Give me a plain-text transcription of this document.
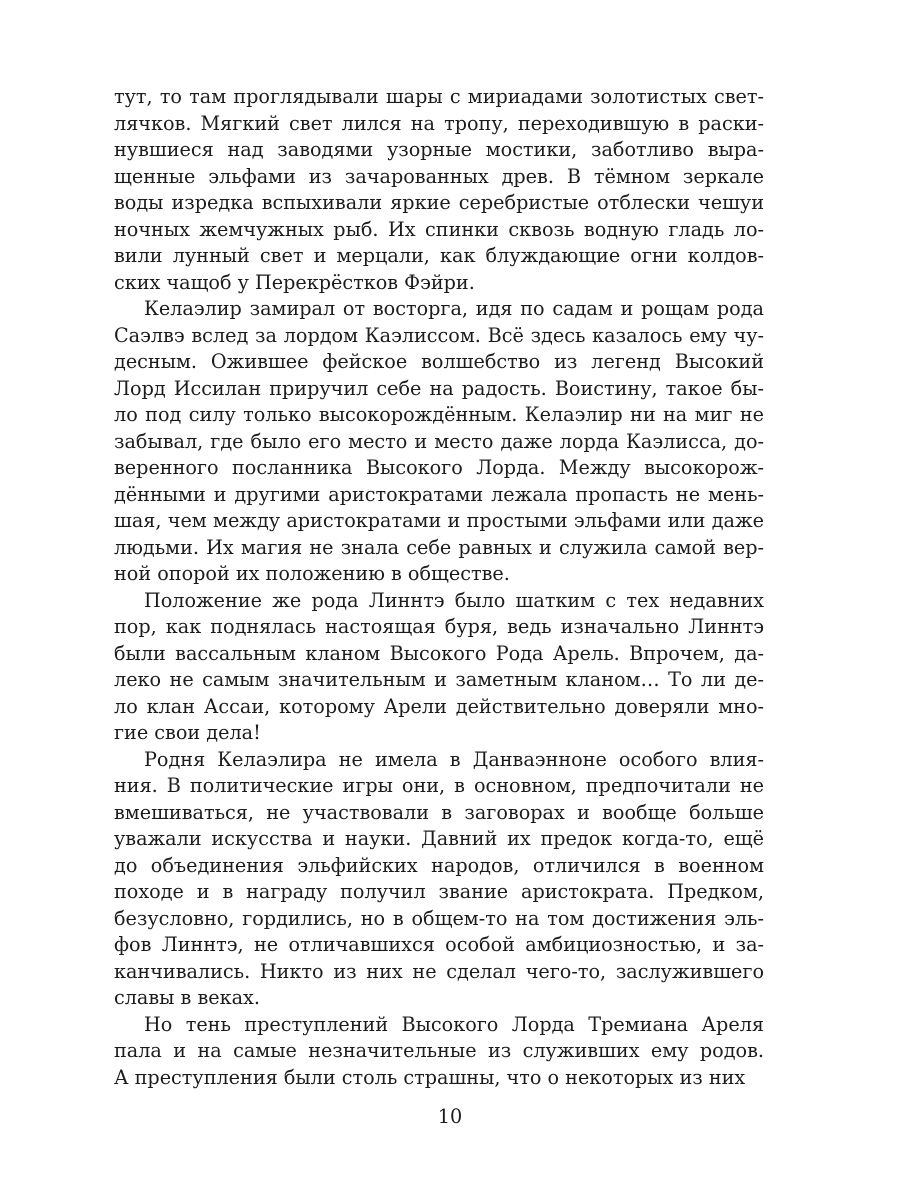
тут, то там проглядывали шары с мириадами золотистых свет-
лячков. Мягкий свет лился на тропу, переходившую в раски-
нувшиеся над заводями узорные мостики, заботливо выра-
щенные эльфами из зачарованных древ. В тёмном зеркале
воды изредка вспыхивали яркие серебристые отблески чешуи
ночных жемчужных рыб. Их спинки сквозь водную гладь ло-
вили лунный свет и мерцали, как блуждающие огни колдов-
ских чащоб у Перекрёстков Фэйри.
Келаэлир замирал от восторга, идя по садам и рощам рода
Саэлвэ вслед за лордом Каэлиссом. Всё здесь казалось ему чу-
десным. Ожившее фейское волшебство из легенд Высокий
Лорд Иссилан приручил себе на радость. Воистину, такое бы-
ло под силу только высокорождённым. Келаэлир ни на миг не
забывал, где было его место и место даже лорда Каэлисса, до-
веренного посланника Высокого Лорда. Между высокорож-
дёнными и другими аристократами лежала пропасть не мень-
шая, чем между аристократами и простыми эльфами или даже
людьми. Их магия не знала себе равных и служила самой вер-
ной опорой их положению в обществе.
Положение же рода Линнтэ было шатким с тех недавних
пор, как поднялась настоящая буря, ведь изначально Линнтэ
были вассальным кланом Высокого Рода Арель. Впрочем, да-
леко не самым значительным и заметным кланом… То ли де-
ло клан Ассаи, которому Арели действительно доверяли мно-
гие свои дела!
Родня Келаэлира не имела в Данваэнноне особого влия-
ния. В политические игры они, в основном, предпочитали не
вмешиваться, не участвовали в заговорах и вообще больше
уважали искусства и науки. Давний их предок когда-то, ещё
до объединения эльфийских народов, отличился в военном
походе и в награду получил звание аристократа. Предком,
безусловно, гордились, но в общем-то на том достижения эль-
фов Линнтэ, не отличавшихся особой амбициозностью, и за-
канчивались. Никто из них не сделал чего-то, заслужившего
славы в веках.
Но тень преступлений Высокого Лорда Тремиана Ареля
пала и на самые незначительные из служивших ему родов.
А преступления были столь страшны, что о некоторых из них
10
